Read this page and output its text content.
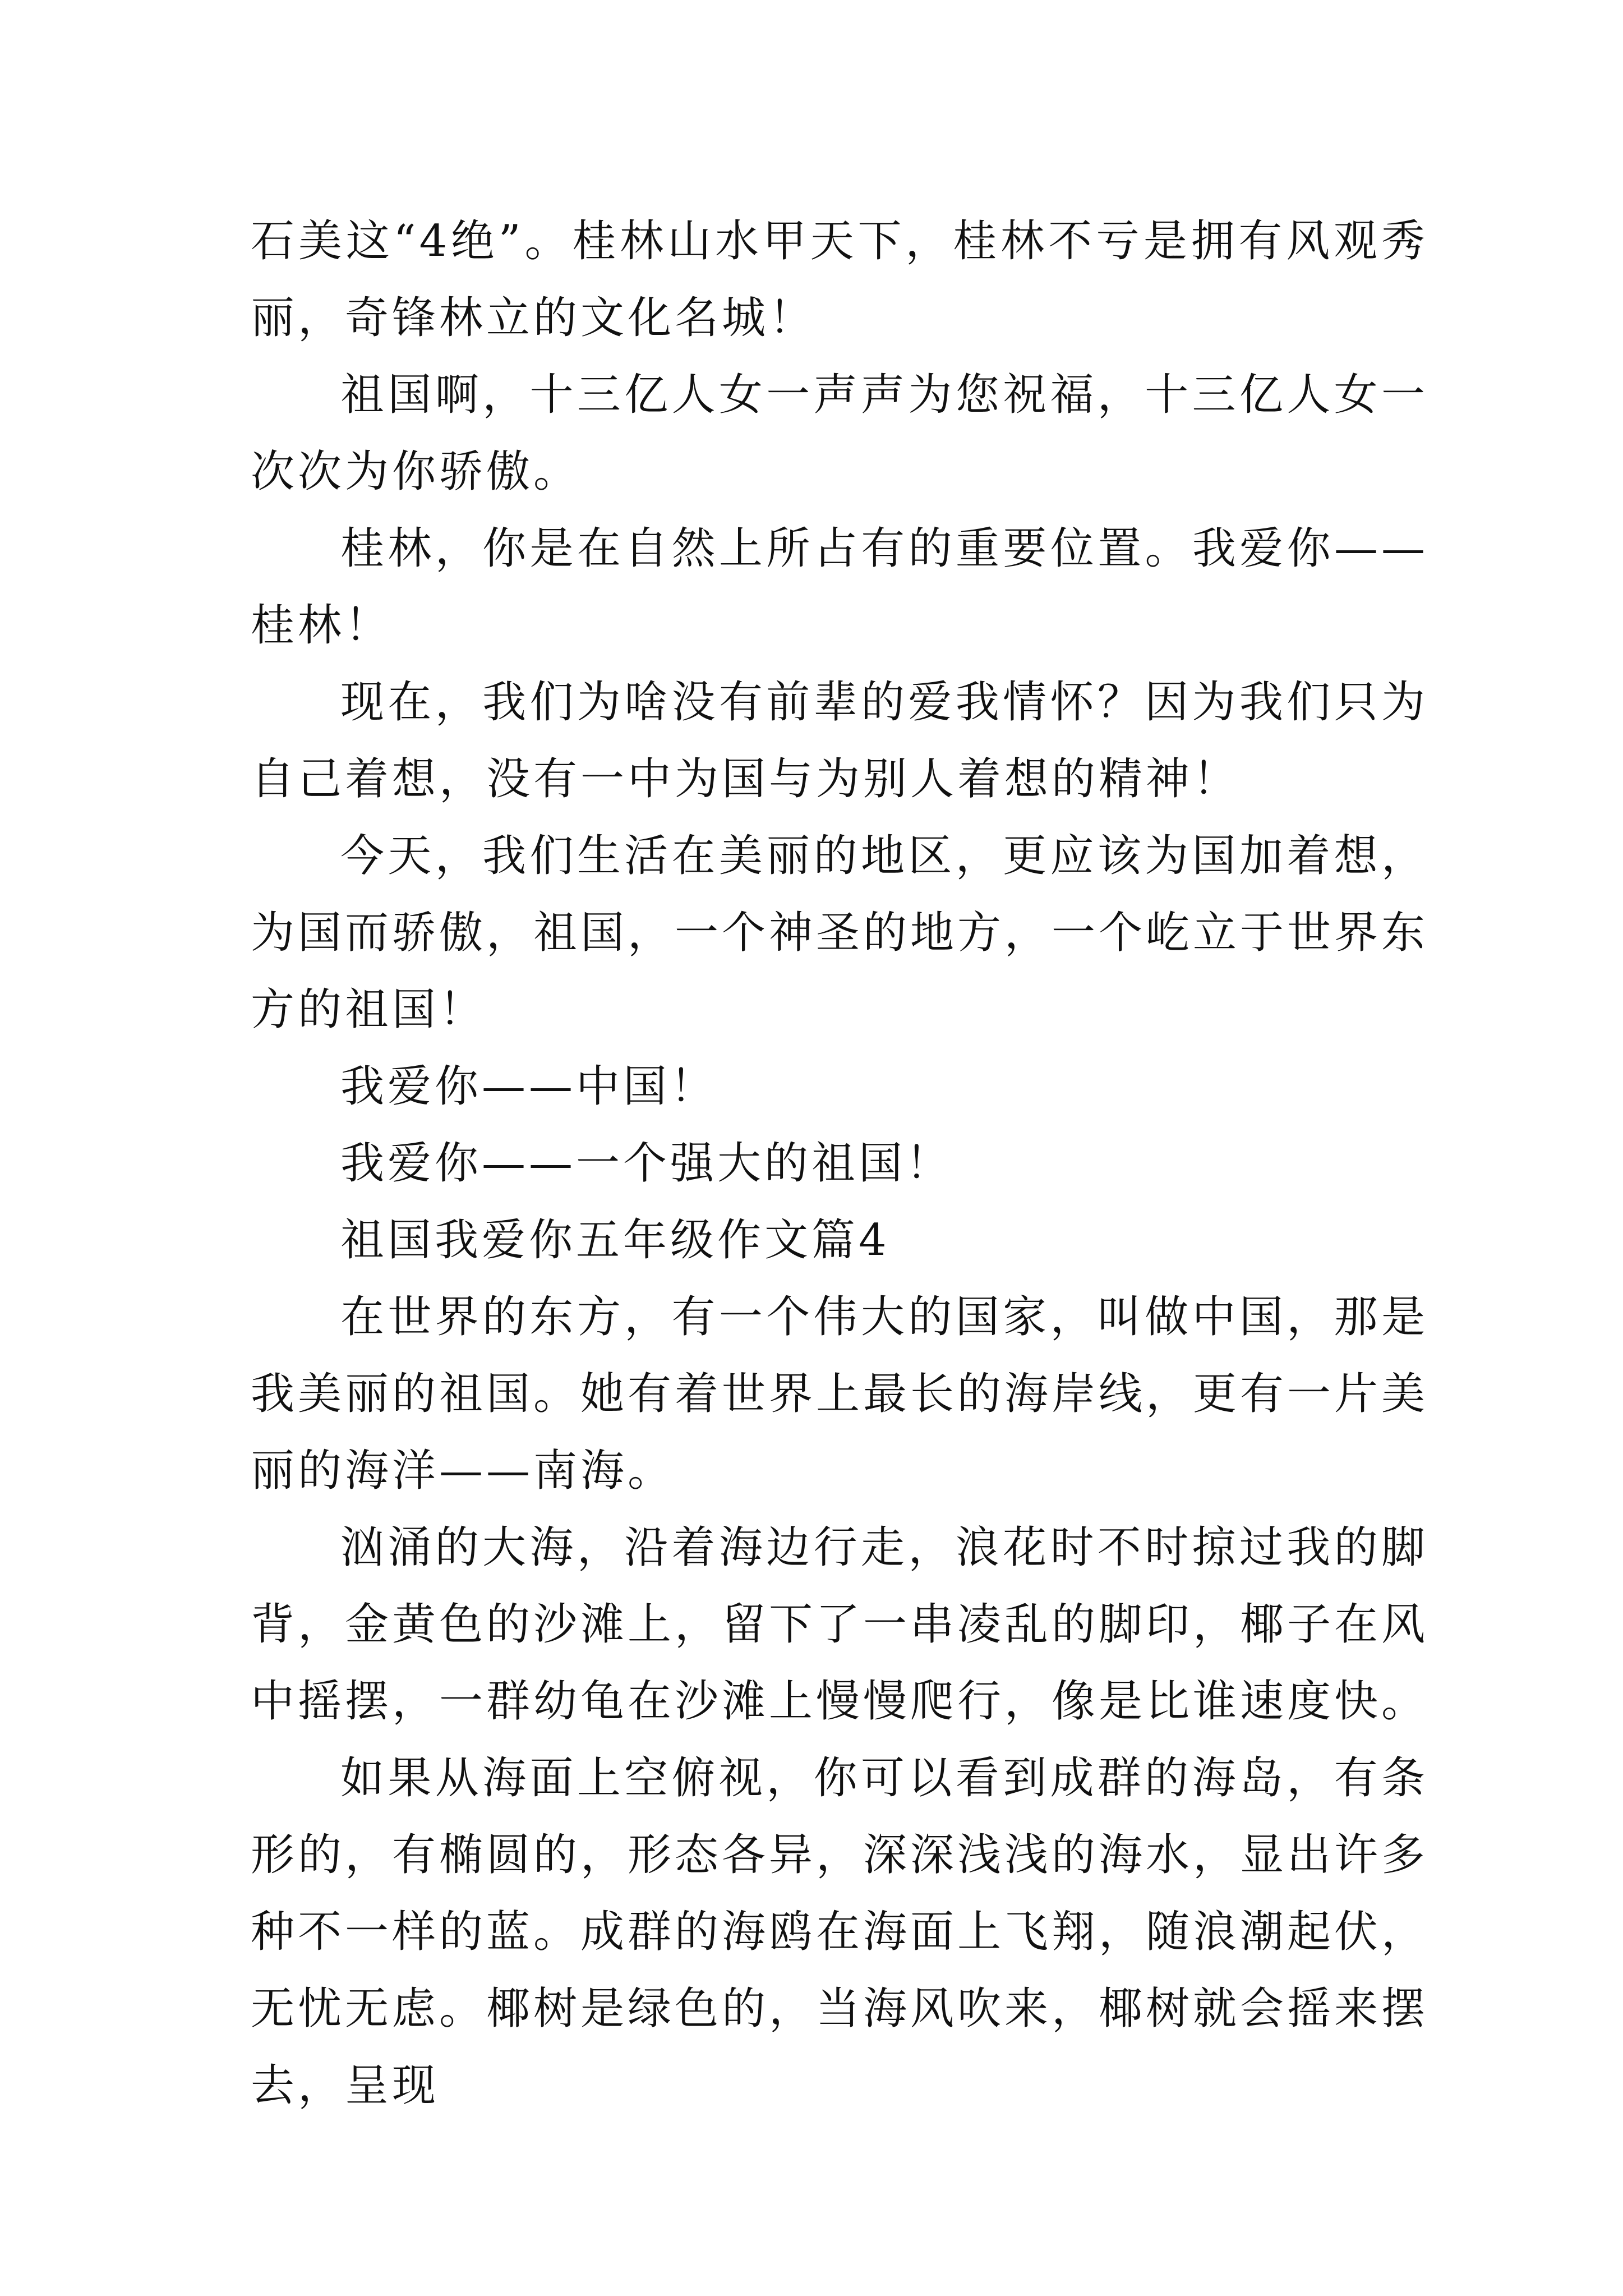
石美这“4绝”。桂林山水甲天下，桂林不亏是拥有风观秀丽，奇锋林立的文化名城！

祖国啊，十三亿人女一声声为您祝福，十三亿人女一次次为你骄傲。

桂林，你是在自然上所占有的重要位置。我爱你——桂林！

现在，我们为啥没有前辈的爱我情怀？因为我们只为自己着想，没有一中为国与为别人着想的精神！

今天，我们生活在美丽的地区，更应该为国加着想，为国而骄傲，祖国，一个神圣的地方，一个屹立于世界东方的祖国！

我爱你——中国！

我爱你——一个强大的祖国！

祖国我爱你五年级作文篇4

在世界的东方，有一个伟大的国家，叫做中国，那是我美丽的祖国。她有着世界上最长的海岸线，更有一片美丽的海洋——南海。

汹涌的大海，沿着海边行走，浪花时不时掠过我的脚背，金黄色的沙滩上，留下了一串凌乱的脚印，椰子在风中摇摆，一群幼龟在沙滩上慢慢爬行，像是比谁速度快。

如果从海面上空俯视，你可以看到成群的海岛，有条形的，有椭圆的，形态各异，深深浅浅的海水，显出许多种不一样的蓝。成群的海鸥在海面上飞翔，随浪潮起伏，无忧无虑。椰树是绿色的，当海风吹来，椰树就会摇来摆去，呈现
